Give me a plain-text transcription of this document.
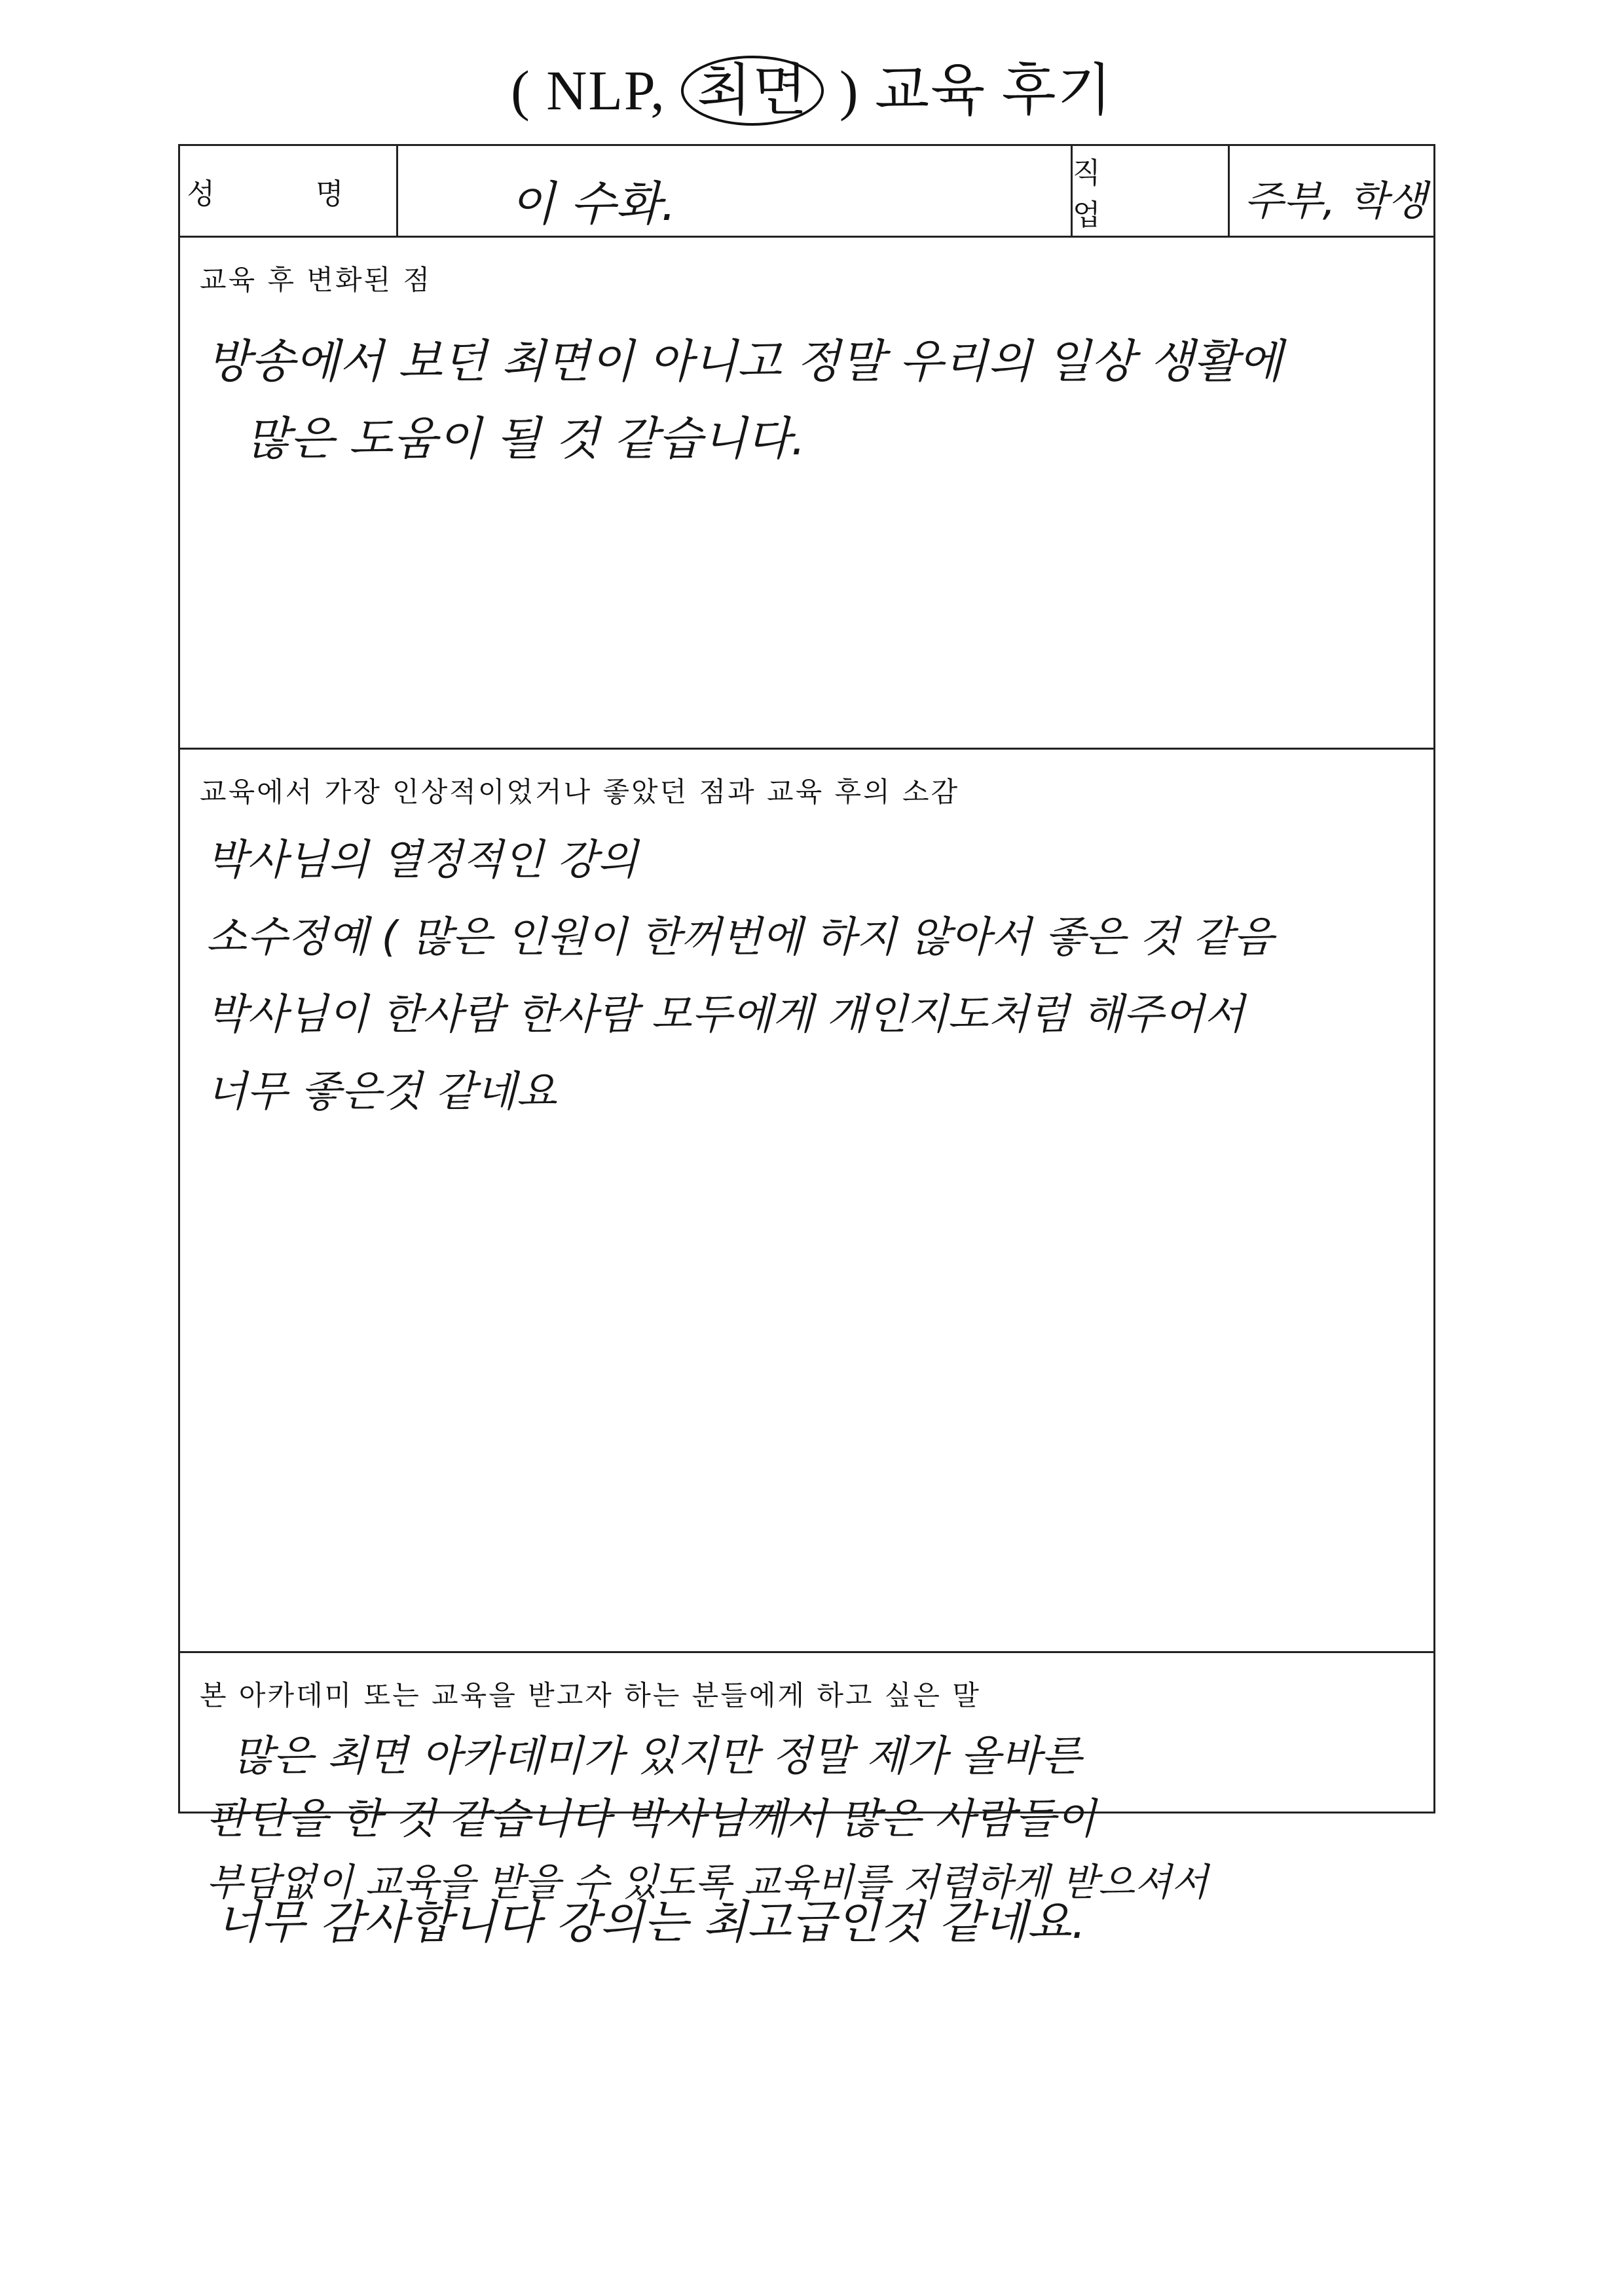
( NLP, 최면 ) 교육 후기
성 명	이 수화.
직 업	주부, 학생
교육 후 변화된 점
방송에서 보던 최면이 아니고 정말 우리의 일상 생활에
많은 도움이 될 것 같습니다.
교육에서 가장 인상적이었거나 좋았던 점과 교육 후의 소감
박사님의 열정적인 강의
소수정예 ( 많은 인원이 한꺼번에 하지 않아서 좋은 것 같음
박사님이 한사람 한사람 모두에게 개인지도처럼 해주어서
너무 좋은것 같네요
본 아카데미 또는 교육을 받고자 하는 분들에게 하고 싶은 말
많은 최면 아카데미가 있지만 정말 제가 올바른
판단을 한 것 같습니다 박사님께서 많은 사람들이
부담없이 교육을 받을 수 있도록 교육비를 저렴하게 받으셔서
너무 감사합니다 강의는 최고급인것 같네요.
